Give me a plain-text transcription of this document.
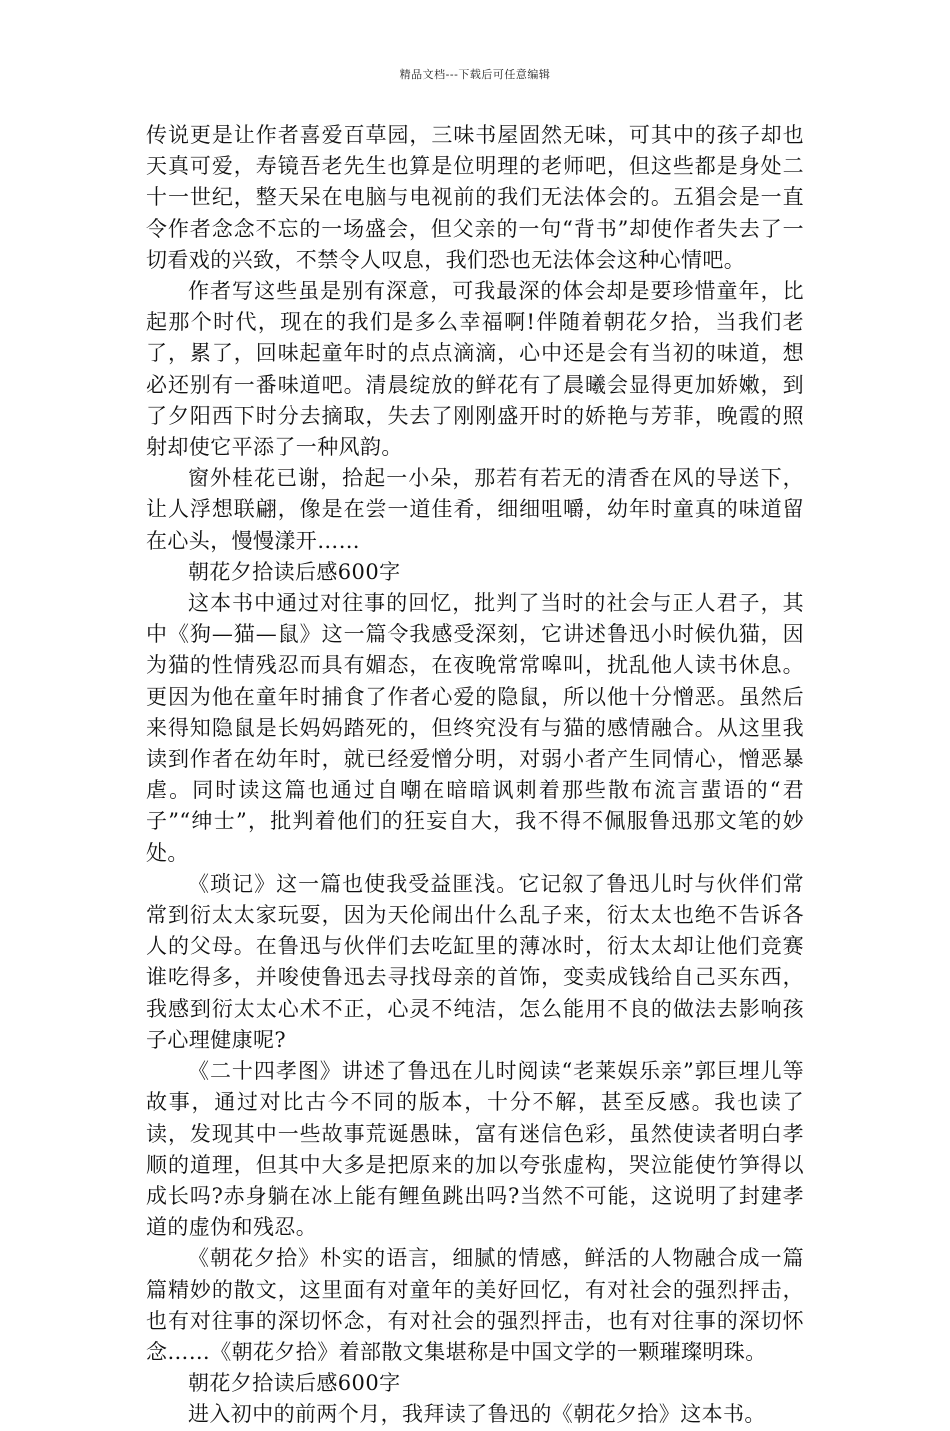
精品文档---下载后可任意编辑

传说更是让作者喜爱百草园，三味书屋固然无味，可其中的孩子却也天真可爱，寿镜吾老先生也算是位明理的老师吧，但这些都是身处二十一世纪，整天呆在电脑与电视前的我们无法体会的。五猖会是一直令作者念念不忘的一场盛会，但父亲的一句“背书”却使作者失去了一切看戏的兴致，不禁令人叹息，我们恐也无法体会这种心情吧。

作者写这些虽是别有深意，可我最深的体会却是要珍惜童年，比起那个时代，现在的我们是多么幸福啊!伴随着朝花夕拾，当我们老了，累了，回味起童年时的点点滴滴，心中还是会有当初的味道，想必还别有一番味道吧。清晨绽放的鲜花有了晨曦会显得更加娇嫩，到了夕阳西下时分去摘取，失去了刚刚盛开时的娇艳与芳菲，晚霞的照射却使它平添了一种风韵。

窗外桂花已谢，拾起一小朵，那若有若无的清香在风的导送下，让人浮想联翩，像是在尝一道佳肴，细细咀嚼，幼年时童真的味道留在心头，慢慢漾开……

朝花夕拾读后感600字

这本书中通过对往事的回忆，批判了当时的社会与正人君子，其中《狗—猫—鼠》这一篇令我感受深刻，它讲述鲁迅小时候仇猫，因为猫的性情残忍而具有媚态，在夜晚常常嗥叫，扰乱他人读书休息。更因为他在童年时捕食了作者心爱的隐鼠，所以他十分憎恶。虽然后来得知隐鼠是长妈妈踏死的，但终究没有与猫的感情融合。从这里我读到作者在幼年时，就已经爱憎分明，对弱小者产生同情心，憎恶暴虐。同时读这篇也通过自嘲在暗暗讽刺着那些散布流言蜚语的“君子”“绅士”，批判着他们的狂妄自大，我不得不佩服鲁迅那文笔的妙处。

《琐记》这一篇也使我受益匪浅。它记叙了鲁迅儿时与伙伴们常常到衍太太家玩耍，因为天伦闹出什么乱子来，衍太太也绝不告诉各人的父母。在鲁迅与伙伴们去吃缸里的薄冰时，衍太太却让他们竞赛谁吃得多，并唆使鲁迅去寻找母亲的首饰，变卖成钱给自己买东西，我感到衍太太心术不正，心灵不纯洁，怎么能用不良的做法去影响孩子心理健康呢?

《二十四孝图》讲述了鲁迅在儿时阅读“老莱娱乐亲”郭巨埋儿等故事，通过对比古今不同的版本，十分不解，甚至反感。我也读了读，发现其中一些故事荒诞愚昧，富有迷信色彩，虽然使读者明白孝顺的道理，但其中大多是把原来的加以夸张虚构，哭泣能使竹笋得以成长吗?赤身躺在冰上能有鲤鱼跳出吗?当然不可能，这说明了封建孝道的虚伪和残忍。

《朝花夕拾》朴实的语言，细腻的情感，鲜活的人物融合成一篇篇精妙的散文，这里面有对童年的美好回忆，有对社会的强烈抨击，也有对往事的深切怀念，有对社会的强烈抨击，也有对往事的深切怀念……《朝花夕拾》着部散文集堪称是中国文学的一颗璀璨明珠。

朝花夕拾读后感600字

进入初中的前两个月，我拜读了鲁迅的《朝花夕拾》这本书。
